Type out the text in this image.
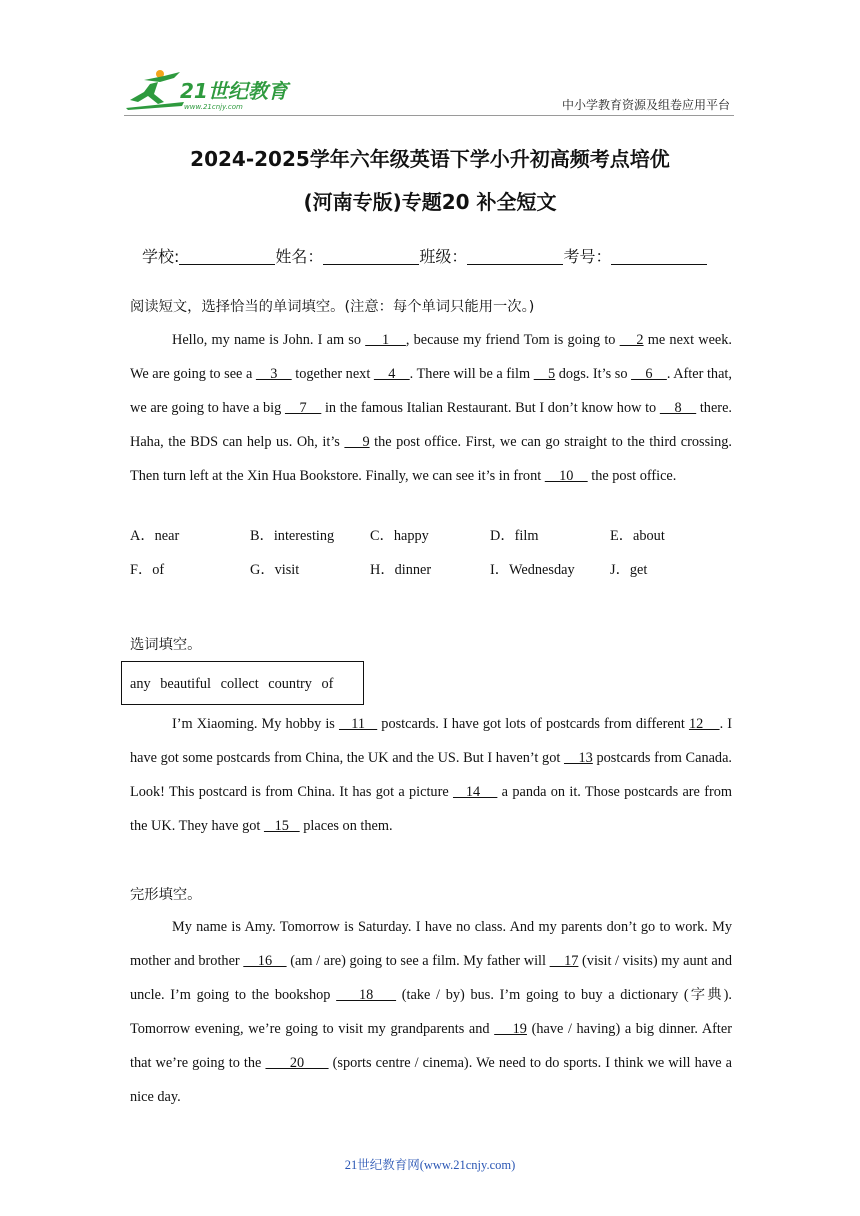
21世纪教育
www.21cnjy.com	中小学教育资源及组卷应用平台
2024-2025学年六年级英语下学小升初高频考点培优
(河南专版)专题20 补全短文
学校:	姓名：	班级：	考号：
阅读短文，选择恰当的单词填空。(注意：每个单词只能用一次。)
Hello, my name is John. I am so     1    , because my friend Tom is going to     2 me next week. We are going to see a     3     together next     4    . There will be a film     5 dogs. It’s so     6    . After that, we are going to have a big     7     in the famous Italian Restaurant. But I don’t know how to     8     there. Haha, the BDS can help us. Oh, it’s     9 the post office. First, we can go straight to the third crossing. Then turn left at the Xin Hua Bookstore. Finally, we can see it’s in front     10     the post office.
A．near	B．interesting	C．happy	D．film	E．about
F．of	G．visit	H．dinner	I．Wednesday J．get
选词填空。
any beautiful collect country of
I’m Xiaoming. My hobby is    11    postcards. I have got lots of postcards from different 12    . I have got some postcards from China, the UK and the US. But I haven’t got     13 postcards from Canada. Look! This postcard is from China. It has got a picture    14     a panda on it. Those postcards are from the UK. They have got    15    places on them.
完形填空。
My name is Amy. Tomorrow is Saturday. I have no class. And my parents don’t go to work. My mother and brother     16     (am / are) going to see a film. My father will     17 (visit / visits) my aunt and uncle. I’m going to the bookshop     18     (take / by) bus. I’m going to buy a dictionary (字典). Tomorrow evening, we’re going to visit my grandparents and     19 (have / having) a big dinner. After that we’re going to the       20       (sports centre / cinema). We need to do sports. I think we will have a nice day.
21世纪教育网(www.21cnjy.com)
